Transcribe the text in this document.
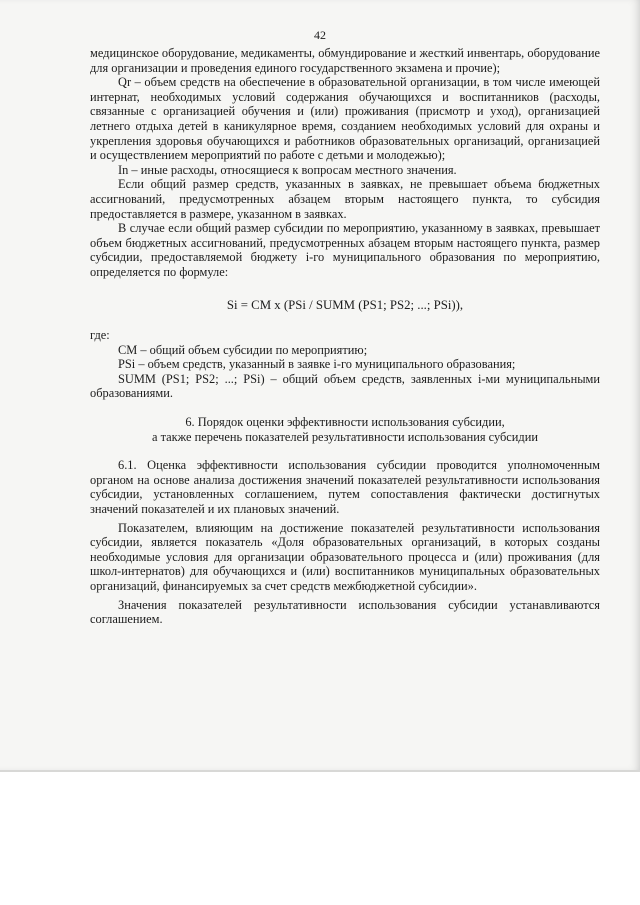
42

медицинское оборудование, медикаменты, обмундирование и жесткий инвентарь, оборудование для организации и проведения единого государственного экзамена и прочие);

Qr – объем средств на обеспечение в образовательной организации, в том числе имеющей интернат, необходимых условий содержания обучающихся и воспитанников (расходы, связанные с организацией обучения и (или) проживания (присмотр и уход), организацией летнего отдыха детей в каникулярное время, созданием необходимых условий для охраны и укрепления здоровья обучающихся и работников образовательных организаций, организацией и осуществлением мероприятий по работе с детьми и молодежью);

In – иные расходы, относящиеся к вопросам местного значения.

Если общий размер средств, указанных в заявках, не превышает объема бюджетных ассигнований, предусмотренных абзацем вторым настоящего пункта, то субсидия предоставляется в размере, указанном в заявках.

В случае если общий размер субсидии по мероприятию, указанному в заявках, превышает объем бюджетных ассигнований, предусмотренных абзацем вторым настоящего пункта, размер субсидии, предоставляемой бюджету i-го муниципального образования по мероприятию, определяется по формуле:

Si = CM x (PSi / SUMM (PS1; PS2; ...; PSi)),

где:

CM – общий объем субсидии по мероприятию;

PSi – объем средств, указанный в заявке i-го муниципального образования;

SUMM (PS1; PS2; ...; PSi) – общий объем средств, заявленных i-ми муниципальными образованиями.

6. Порядок оценки эффективности использования субсидии,

а также перечень показателей результативности использования субсидии

6.1. Оценка эффективности использования субсидии проводится уполномоченным органом на основе анализа достижения значений показателей результативности использования субсидии, установленных соглашением, путем сопоставления фактически достигнутых значений показателей и их плановых значений.

Показателем, влияющим на достижение показателей результативности использования субсидии, является показатель «Доля образовательных организаций, в которых созданы необходимые условия для организации образовательного процесса и (или) проживания (для школ-интернатов) для обучающихся и (или) воспитанников муниципальных образовательных организаций, финансируемых за счет средств межбюджетной субсидии».

Значения показателей результативности использования субсидии устанавливаются соглашением.
